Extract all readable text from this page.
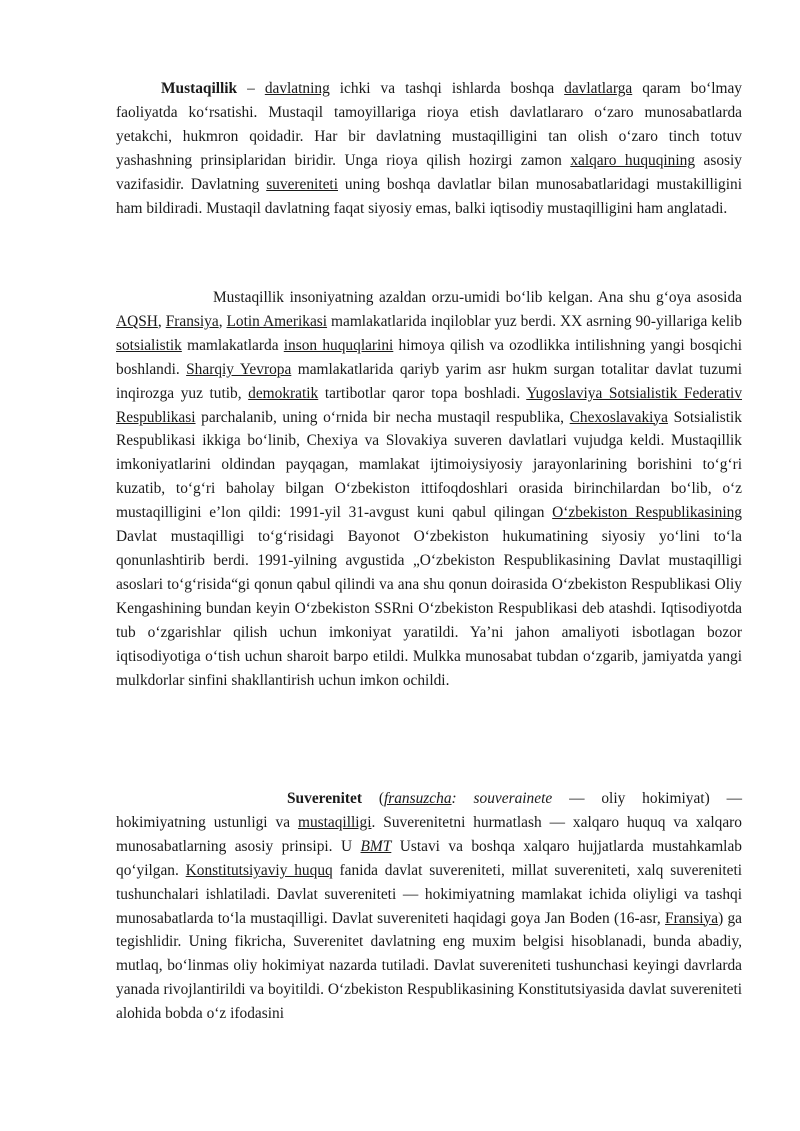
Mustaqillik – davlatning ichki va tashqi ishlarda boshqa davlatlarga qaram bo‘lmay faoliyatda ko‘rsatishi. Mustaqil tamoyillariga rioya etish davlatlararo o‘zaro munosabatlarda yetakchi, hukmron qoidadir. Har bir davlatning mustaqilligini tan olish o‘zaro tinch totuv yashashning prinsiplaridan biridir. Unga rioya qilish hozirgi zamon xalqaro huquqining asosiy vazifasidir. Davlatning suvereniteti uning boshqa davlatlar bilan munosabatlaridagi mustakilligini ham bildiradi. Mustaqil davlatning faqat siyosiy emas, balki iqtisodiy mustaqilligini ham anglatadi.

Mustaqillik insoniyatning azaldan orzu-umidi bo‘lib kelgan. Ana shu g‘oya asosida AQSH, Fransiya, Lotin Amerikasi mamlakatlarida inqiloblar yuz berdi. XX asrning 90-yillariga kelib sotsialistik mamlakatlarda inson huquqlarini himoya qilish va ozodlikka intilishning yangi bosqichi boshlandi. Sharqiy Yevropa mamlakatlarida qariyb yarim asr hukm surgan totalitar davlat tuzumi inqirozga yuz tutib, demokratik tartibotlar qaror topa boshladi. Yugoslaviya Sotsialistik Federativ Respublikasi parchalanib, uning o‘rnida bir necha mustaqil respublika, Chexoslavakiya Sotsialistik Respublikasi ikkiga bo‘linib, Chexiya va Slovakiya suveren davlatlari vujudga keldi. Mustaqillik imkoniyatlarini oldindan payqagan, mamlakat ijtimoiysiyosiy jarayonlarining borishini to‘g‘ri kuzatib, to‘g‘ri baholay bilgan O‘zbekiston ittifoqdoshlari orasida birinchilardan bo‘lib, o‘z mustaqilligini e’lon qildi: 1991-yil 31-avgust kuni qabul qilingan O‘zbekiston Respublikasining Davlat mustaqilligi to‘g‘risidagi Bayonot O‘zbekiston hukumatining siyosiy yo‘lini to‘la qonunlashtirib berdi. 1991-yilning avgustida „O‘zbekiston Respublikasining Davlat mustaqilligi asoslari to‘g‘risida“gi qonun qabul qilindi va ana shu qonun doirasida O‘zbekiston Respublikasi Oliy Kengashining bundan keyin O‘zbekiston SSRni O‘zbekiston Respublikasi deb atashdi. Iqtisodiyotda tub o‘zgarishlar qilish uchun imkoniyat yaratildi. Ya’ni jahon amaliyoti isbotlagan bozor iqtisodiyotiga o‘tish uchun sharoit barpo etildi. Mulkka munosabat tubdan o‘zgarib, jamiyatda yangi mulkdorlar sinfini shakllantirish uchun imkon ochildi.

Suverenitet (fransuzcha: souverainete — oliy hokimiyat) — hokimiyatning ustunligi va mustaqilligi. Suverenitetni hurmatlash — xalqaro huquq va xalqaro munosabatlarning asosiy prinsipi. U BMT Ustavi va boshqa xalqaro hujjatlarda mustahkamlab qo‘yilgan. Konstitutsiyaviy huquq fanida davlat suvereniteti, millat suvereniteti, xalq suvereniteti tushunchalari ishlatiladi. Davlat suvereniteti — hokimiyatning mamlakat ichida oliyligi va tashqi munosabatlarda to‘la mustaqilligi. Davlat suvereniteti haqidagi goya Jan Boden (16-asr, Fransiya) ga tegishlidir. Uning fikricha, Suverenitet davlatning eng muxim belgisi hisoblanadi, bunda abadiy, mutlaq, bo‘linmas oliy hokimiyat nazarda tutiladi. Davlat suvereniteti tushunchasi keyingi davrlarda yanada rivojlantirildi va boyitildi. O‘zbekiston Respublikasining Konstitutsiyasida davlat suvereniteti alohida bobda o‘z ifodasini
